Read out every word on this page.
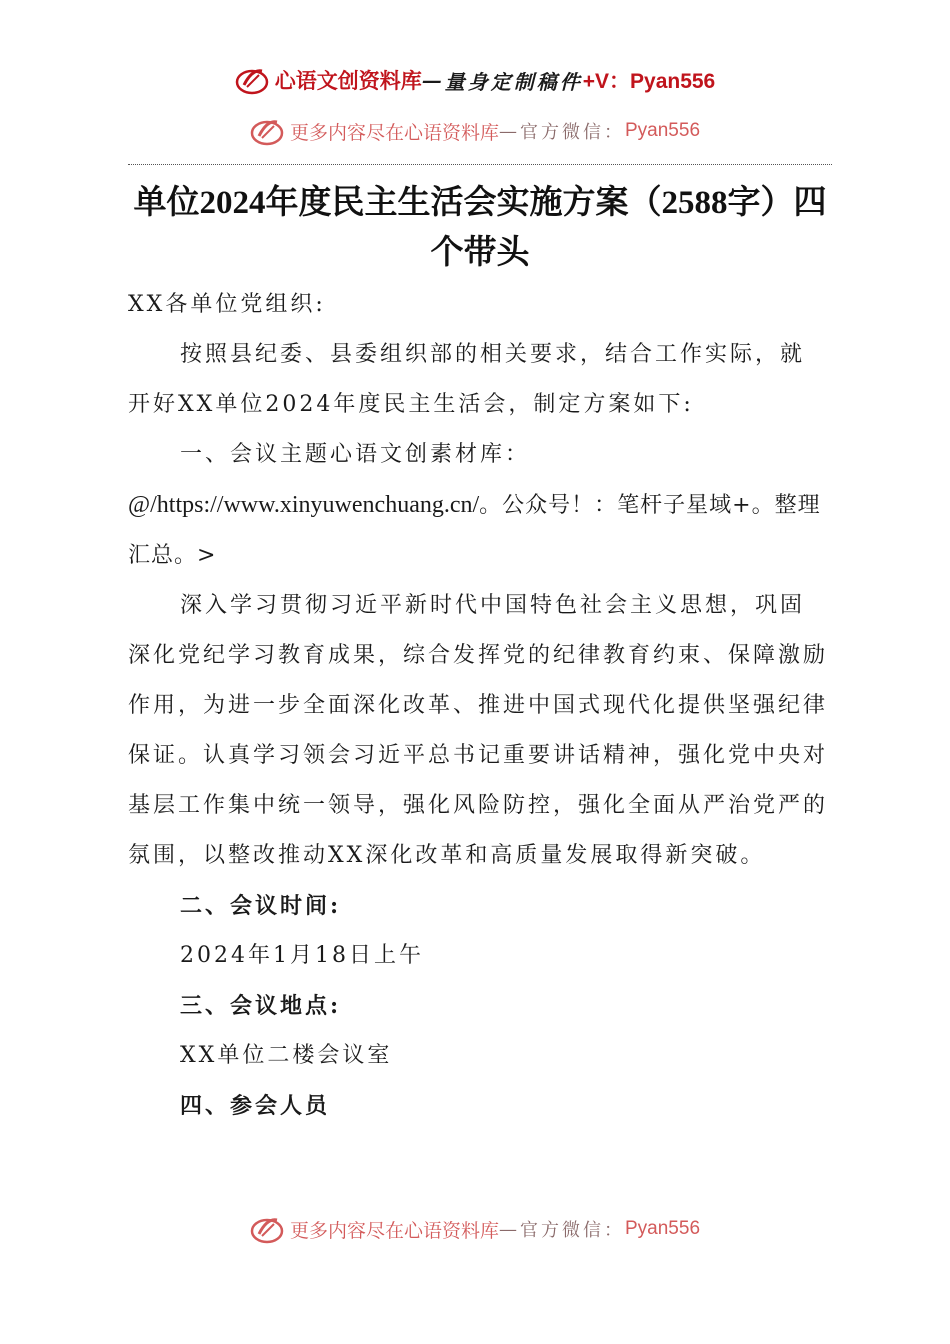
心语文创资料库 — 量身定制稿件 +V：Pyan556
更多内容尽在心语资料库 — 官方微信： Pyan556
单位2024年度民主生活会实施方案（2588字）四个带头

XX各单位党组织:

按照县纪委、县委组织部的相关要求，结合工作实际，就开好XX单位2024年度民主生活会，制定方案如下:

一、会议主题心语文创素材库：

@/https://www.xinyuwenchuang.cn/。公众号！：笔杆子星域+。整理汇总。>

深入学习贯彻习近平新时代中国特色社会主义思想，巩固深化党纪学习教育成果，综合发挥党的纪律教育约束、保障激励作用，为进一步全面深化改革、推进中国式现代化提供坚强纪律保证。认真学习领会习近平总书记重要讲话精神，强化党中央对基层工作集中统一领导，强化风险防控，强化全面从严治党严的氛围，以整改推动XX深化改革和高质量发展取得新突破。

二、会议时间:

2024年1月18日上午

三、会议地点:

XX单位二楼会议室

四、参会人员

更多内容尽在心语资料库 — 官方微信： Pyan556
